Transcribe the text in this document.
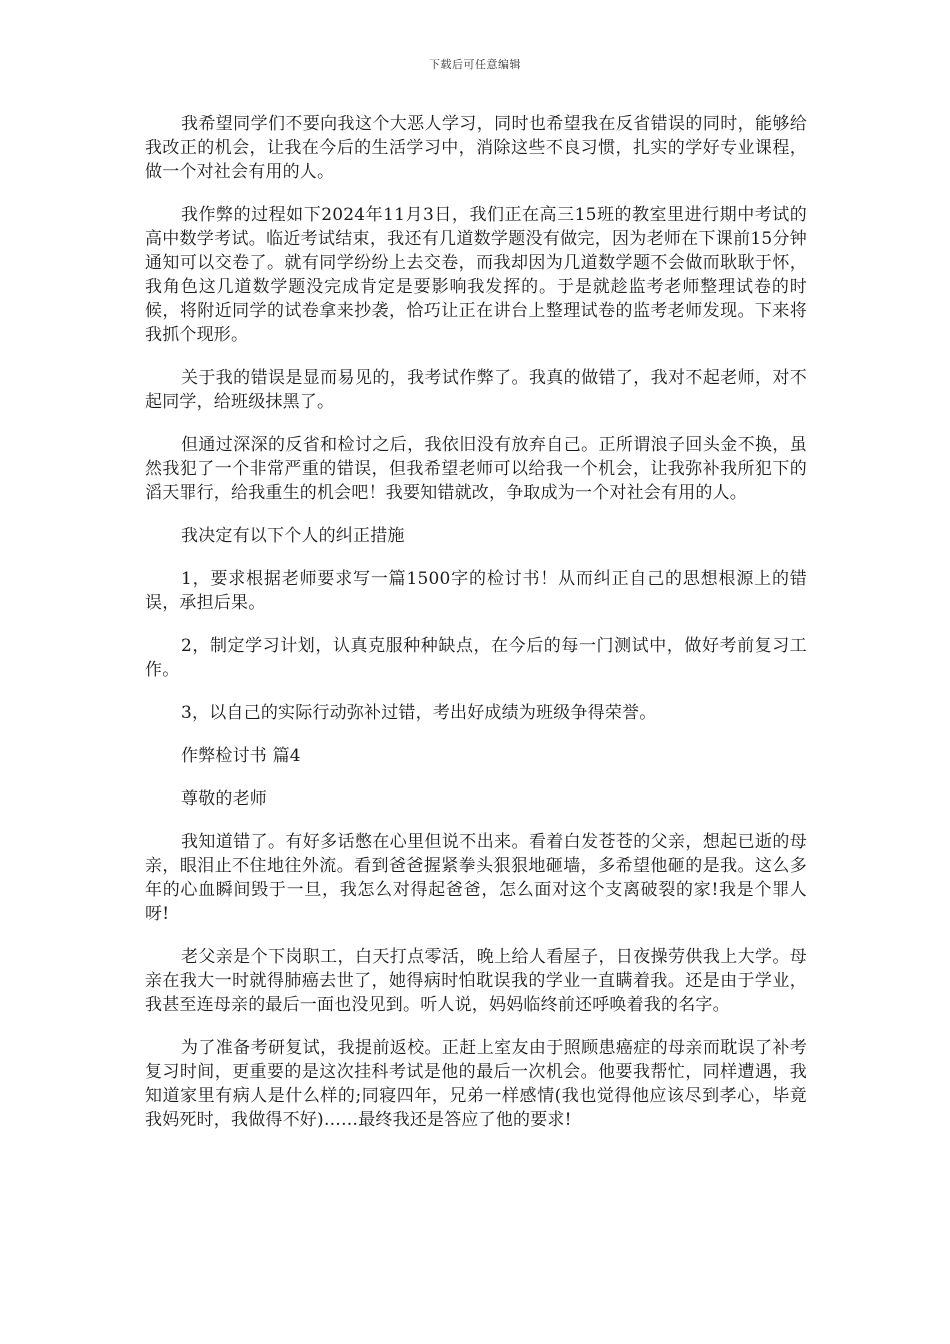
下载后可任意编辑

我希望同学们不要向我这个大恶人学习，同时也希望我在反省错误的同时，能够给我改正的机会，让我在今后的生活学习中，消除这些不良习惯，扎实的学好专业课程，做一个对社会有用的人。

我作弊的过程如下2024年11月3日，我们正在高三15班的教室里进行期中考试的高中数学考试。临近考试结束，我还有几道数学题没有做完，因为老师在下课前15分钟通知可以交卷了。就有同学纷纷上去交卷，而我却因为几道数学题不会做而耿耿于怀，我角色这几道数学题没完成肯定是要影响我发挥的。于是就趁监考老师整理试卷的时候，将附近同学的试卷拿来抄袭，恰巧让正在讲台上整理试卷的监考老师发现。下来将我抓个现形。

关于我的错误是显而易见的，我考试作弊了。我真的做错了，我对不起老师，对不起同学，给班级抹黑了。

但通过深深的反省和检讨之后，我依旧没有放弃自己。正所谓浪子回头金不换，虽然我犯了一个非常严重的错误，但我希望老师可以给我一个机会，让我弥补我所犯下的滔天罪行，给我重生的机会吧！我要知错就改，争取成为一个对社会有用的人。

我决定有以下个人的纠正措施

1，要求根据老师要求写一篇1500字的检讨书！从而纠正自己的思想根源上的错误，承担后果。

2，制定学习计划，认真克服种种缺点，在今后的每一门测试中，做好考前复习工作。

3，以自己的实际行动弥补过错，考出好成绩为班级争得荣誉。

作弊检讨书 篇4

尊敬的老师

我知道错了。有好多话憋在心里但说不出来。看着白发苍苍的父亲，想起已逝的母亲，眼泪止不住地往外流。看到爸爸握紧拳头狠狠地砸墙，多希望他砸的是我。这么多年的心血瞬间毁于一旦，我怎么对得起爸爸，怎么面对这个支离破裂的家!我是个罪人呀!

老父亲是个下岗职工，白天打点零活，晚上给人看屋子，日夜操劳供我上大学。母亲在我大一时就得肺癌去世了，她得病时怕耽误我的学业一直瞒着我。还是由于学业，我甚至连母亲的最后一面也没见到。听人说，妈妈临终前还呼唤着我的名字。

为了准备考研复试，我提前返校。正赶上室友由于照顾患癌症的母亲而耽误了补考复习时间，更重要的是这次挂科考试是他的最后一次机会。他要我帮忙，同样遭遇，我知道家里有病人是什么样的;同寝四年，兄弟一样感情(我也觉得他应该尽到孝心，毕竟我妈死时，我做得不好)……最终我还是答应了他的要求!
